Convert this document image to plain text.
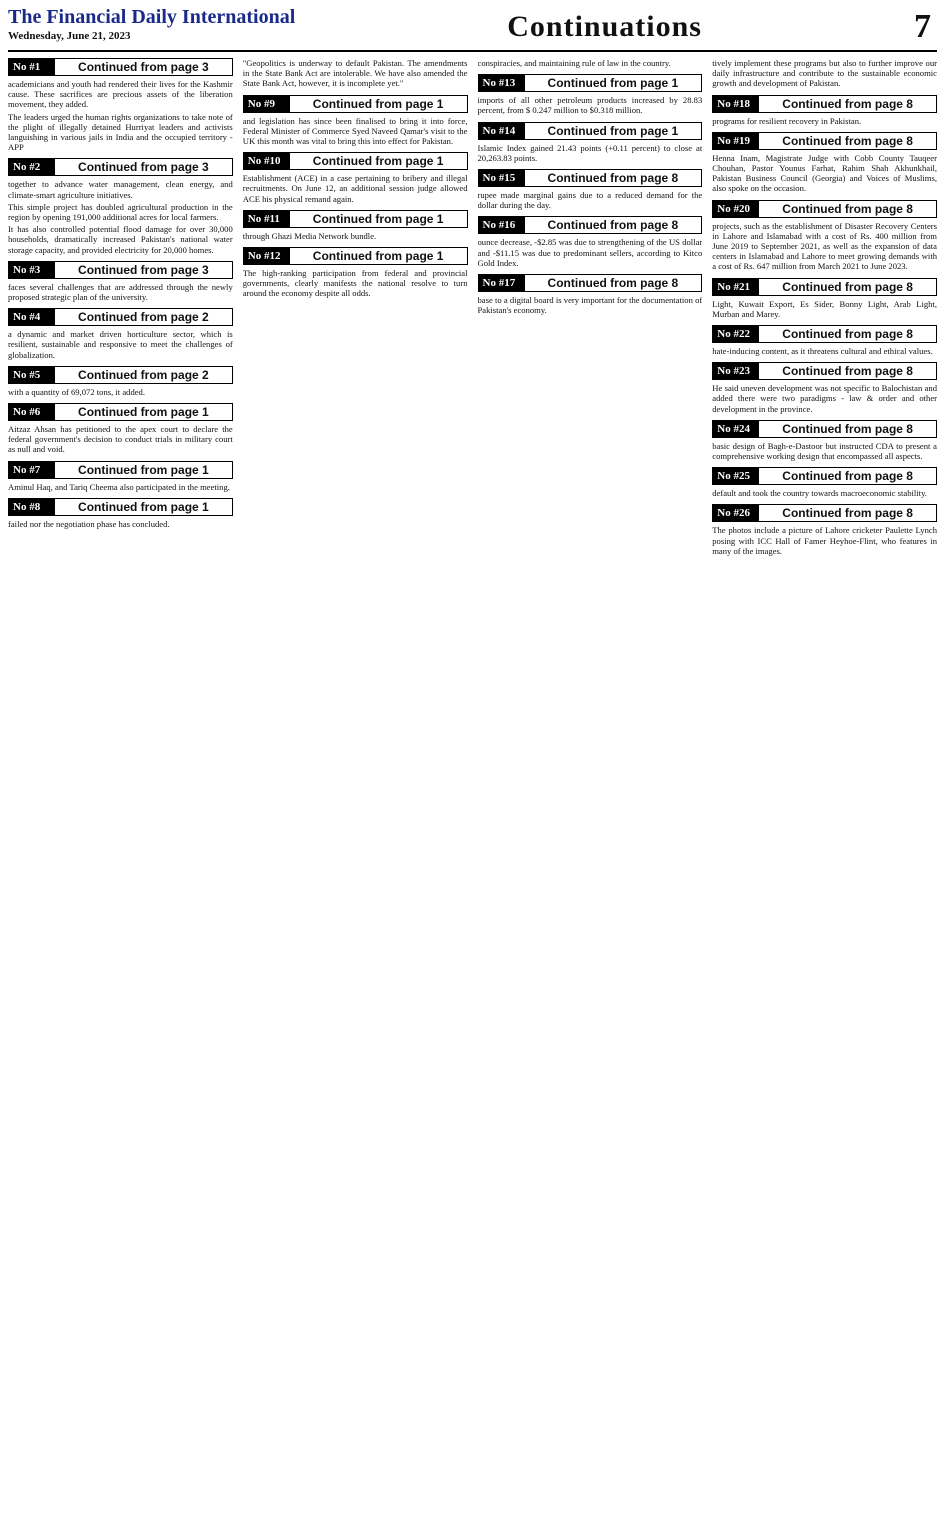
The Financial Daily International
Wednesday, June 21, 2023	Continuations	7
No #1	Continued from page 3

academicians and youth had rendered their lives for the Kashmir cause. These sacrifices are precious assets of the liberation movement, they added.

The leaders urged the human rights organizations to take note of the plight of illegally detained Hurriyat leaders and activists languishing in various jails in India and the occupied territory - APP

No #2	Continued from page 3

together to advance water management, clean energy, and climate-smart agriculture initiatives.

This simple project has doubled agricultural production in the region by opening 191,000 additional acres for local farmers.

It has also controlled potential flood damage for over 30,000 households, dramatically increased Pakistan's national water storage capacity, and provided electricity for 20,000 homes.

No #3	Continued from page 3

faces several challenges that are addressed through the newly proposed strategic plan of the university.

No #4	Continued from page 2

a dynamic and market driven horticulture sector, which is resilient, sustainable and responsive to meet the challenges of globalization.

No #5	Continued from page 2

with a quantity of 69,072 tons, it added.

No #6	Continued from page 1

Aitzaz Ahsan has petitioned to the apex court to declare the federal government's decision to conduct trials in military court as null and void.

No #7	Continued from page 1

Aminul Haq, and Tariq Cheema also participated in the meeting.

No #8	Continued from page 1

failed nor the negotiation phase has concluded.

"Geopolitics is underway to default Pakistan. The amendments in the State Bank Act are intolerable. We have also amended the State Bank Act, however, it is incomplete yet."

No #9	Continued from page 1

and legislation has since been finalised to bring it into force, Federal Minister of Commerce Syed Naveed Qamar's visit to the UK this month was vital to bring this into effect for Pakistan.

No #10	Continued from page 1

Establishment (ACE) in a case pertaining to bribery and illegal recruitments. On June 12, an additional session judge allowed ACE his physical remand again.

No #11	Continued from page 1

through Ghazi Media Network bundle.

No #12	Continued from page 1

The high-ranking participation from federal and provincial governments, clearly manifests the national resolve to turn around the economy despite all odds.

conspiracies, and maintaining rule of law in the country.

No #13	Continued from page 1

imports of all other petroleum products increased by 28.83 percent, from $ 0.247 million to $0.318 million.

No #14	Continued from page 1

Islamic Index gained 21.43 points (+0.11 percent) to close at 20,263.83 points.

No #15	Continued from page 8

rupee made marginal gains due to a reduced demand for the dollar during the day.

No #16	Continued from page 8

ounce decrease, -$2.85 was due to strengthening of the US dollar and -$11.15 was due to predominant sellers, according to Kitco Gold Index.

No #17	Continued from page 8

base to a digital board is very important for the documentation of Pakistan's economy.

tively implement these programs but also to further improve our daily infrastructure and contribute to the sustainable economic growth and development of Pakistan.

No #18	Continued from page 8

programs for resilient recovery in Pakistan.

No #19	Continued from page 8

Henna Inam, Magistrate Judge with Cobb County Tauqeer Chouhan, Pastor Younus Farhat, Rahim Shah Akhunkhail, Pakistan Business Council (Georgia) and Voices of Muslims, also spoke on the occasion.

No #20	Continued from page 8

projects, such as the establishment of Disaster Recovery Centers in Lahore and Islamabad with a cost of Rs. 400 million from June 2019 to September 2021, as well as the expansion of data centers in Islamabad and Lahore to meet growing demands with a cost of Rs. 647 million from March 2021 to June 2023.

No #21	Continued from page 8

Light, Kuwait Export, Es Sider, Bonny Light, Arab Light, Murban and Marey.

No #22	Continued from page 8

hate-inducing content, as it threatens cultural and ethical values.

No #23	Continued from page 8

He said uneven development was not specific to Balochistan and added there were two paradigms - law & order and other development in the province.

No #24	Continued from page 8

basic design of Bagh-e-Dastoor but instructed CDA to present a comprehensive working design that encompassed all aspects.

No #25	Continued from page 8

default and took the country towards macroeconomic stability.

No #26	Continued from page 8

The photos include a picture of Lahore cricketer Paulette Lynch posing with ICC Hall of Famer Heyhoe-Flint, who features in many of the images.
